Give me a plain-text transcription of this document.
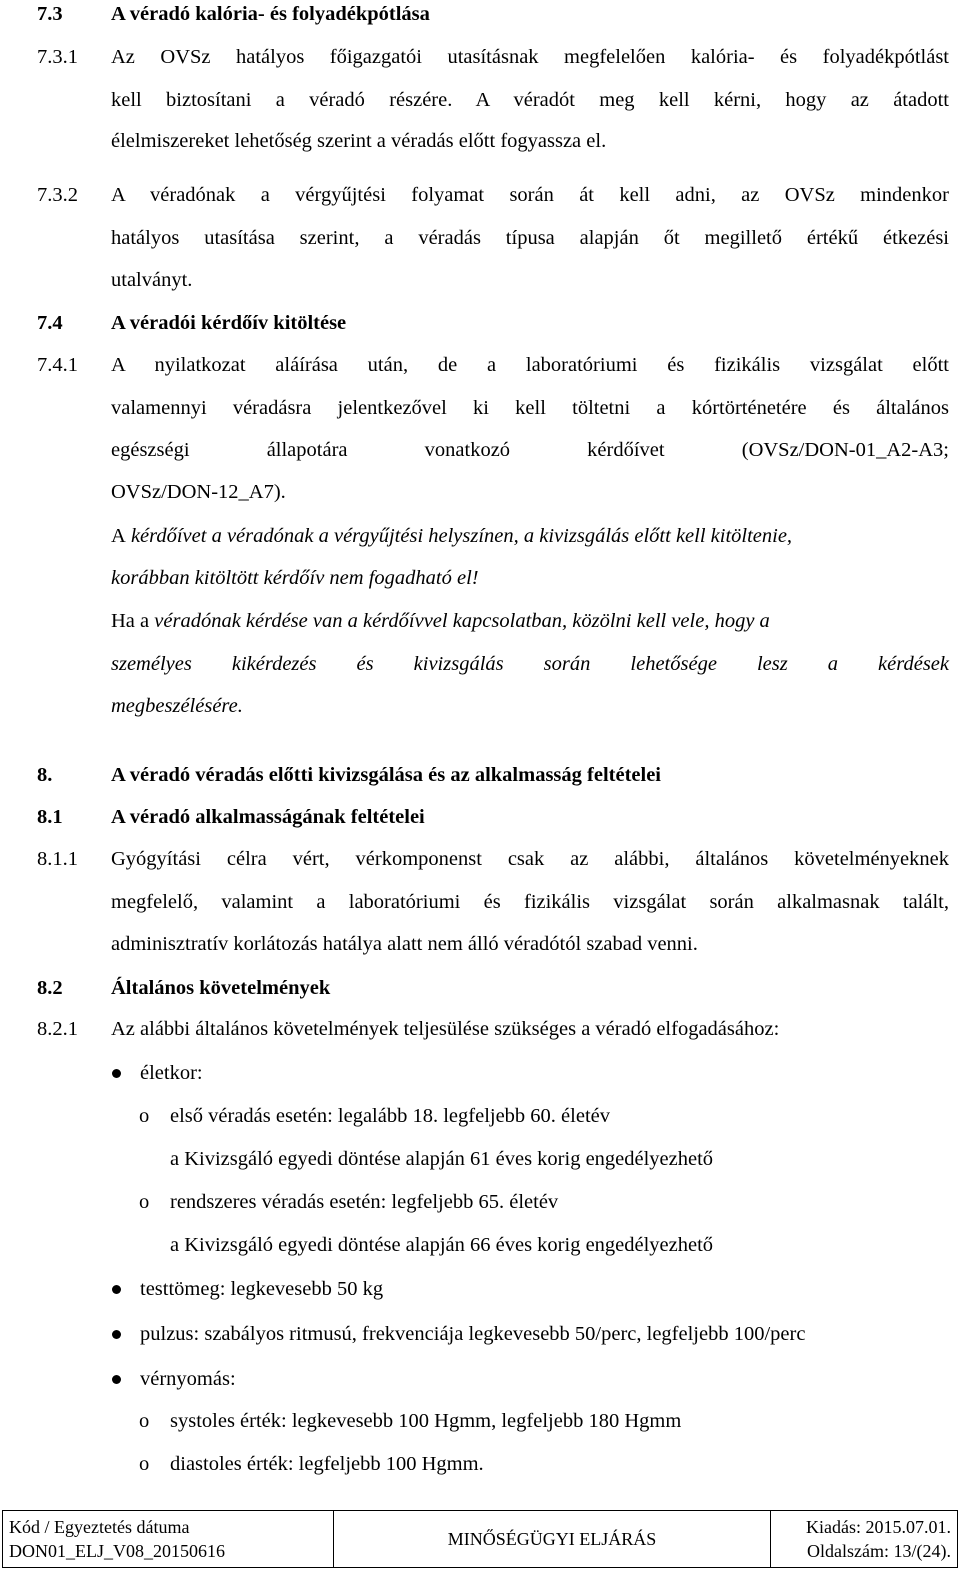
7.3 A véradó kalória- és folyadékpótlása
7.3.1 Az OVSz hatályos főigazgatói utasításnak megfelelően kalória- és folyadékpótlást
kell biztosítani a véradó részére. A véradót meg kell kérni, hogy az átadott
élelmiszereket lehetőség szerint a véradás előtt fogyassza el.
7.3.2 A véradónak a vérgyűjtési folyamat során át kell adni, az OVSz mindenkor
hatályos utasítása szerint, a véradás típusa alapján őt megillető értékű étkezési
utalványt.
7.4 A véradói kérdőív kitöltése
7.4.1 A nyilatkozat aláírása után, de a laboratóriumi és fizikális vizsgálat előtt
valamennyi véradásra jelentkezővel ki kell töltetni a kórtörténetére és általános
egészségi állapotára vonatkozó kérdőívet (OVSz/DON-01_A2-A3;
OVSz/DON-12_A7).
A kérdőívet a véradónak a vérgyűjtési helyszínen, a kivizsgálás előtt kell kitöltenie,
korábban kitöltött kérdőív nem fogadható el!
Ha a véradónak kérdése van a kérdőívvel kapcsolatban, közölni kell vele, hogy a
személyes kikérdezés és kivizsgálás során lehetősége lesz a kérdések
megbeszélésére.
8.	A véradó véradás előtti kivizsgálása és az alkalmasság feltételei
8.1 A véradó alkalmasságának feltételei
8.1.1 Gyógyítási célra vért, vérkomponenst csak az alábbi, általános követelményeknek
megfelelő, valamint a laboratóriumi és fizikális vizsgálat során alkalmasnak talált,
adminisztratív korlátozás hatálya alatt nem álló véradótól szabad venni.
8.2 Általános követelmények
8.2.1 Az alábbi általános követelmények teljesülése szükséges a véradó elfogadásához:
életkor:
o első véradás esetén: legalább 18. legfeljebb 60. életév
a Kivizsgáló egyedi döntése alapján 61 éves korig engedélyezhető
o rendszeres véradás esetén: legfeljebb 65. életév
a Kivizsgáló egyedi döntése alapján 66 éves korig engedélyezhető
testtömeg: legkevesebb 50 kg
pulzus: szabályos ritmusú, frekvenciája legkevesebb 50/perc, legfeljebb 100/perc
vérnyomás:
o systoles érték: legkevesebb 100 Hgmm, legfeljebb 180 Hgmm
o diastoles érték: legfeljebb 100 Hgmm.
Kód / Egyeztetés dátuma
DON01_ELJ_V08_20150616
MINŐSÉGÜGYI ELJÁRÁS
Kiadás: 2015.07.01.
Oldalszám: 13/(24).
